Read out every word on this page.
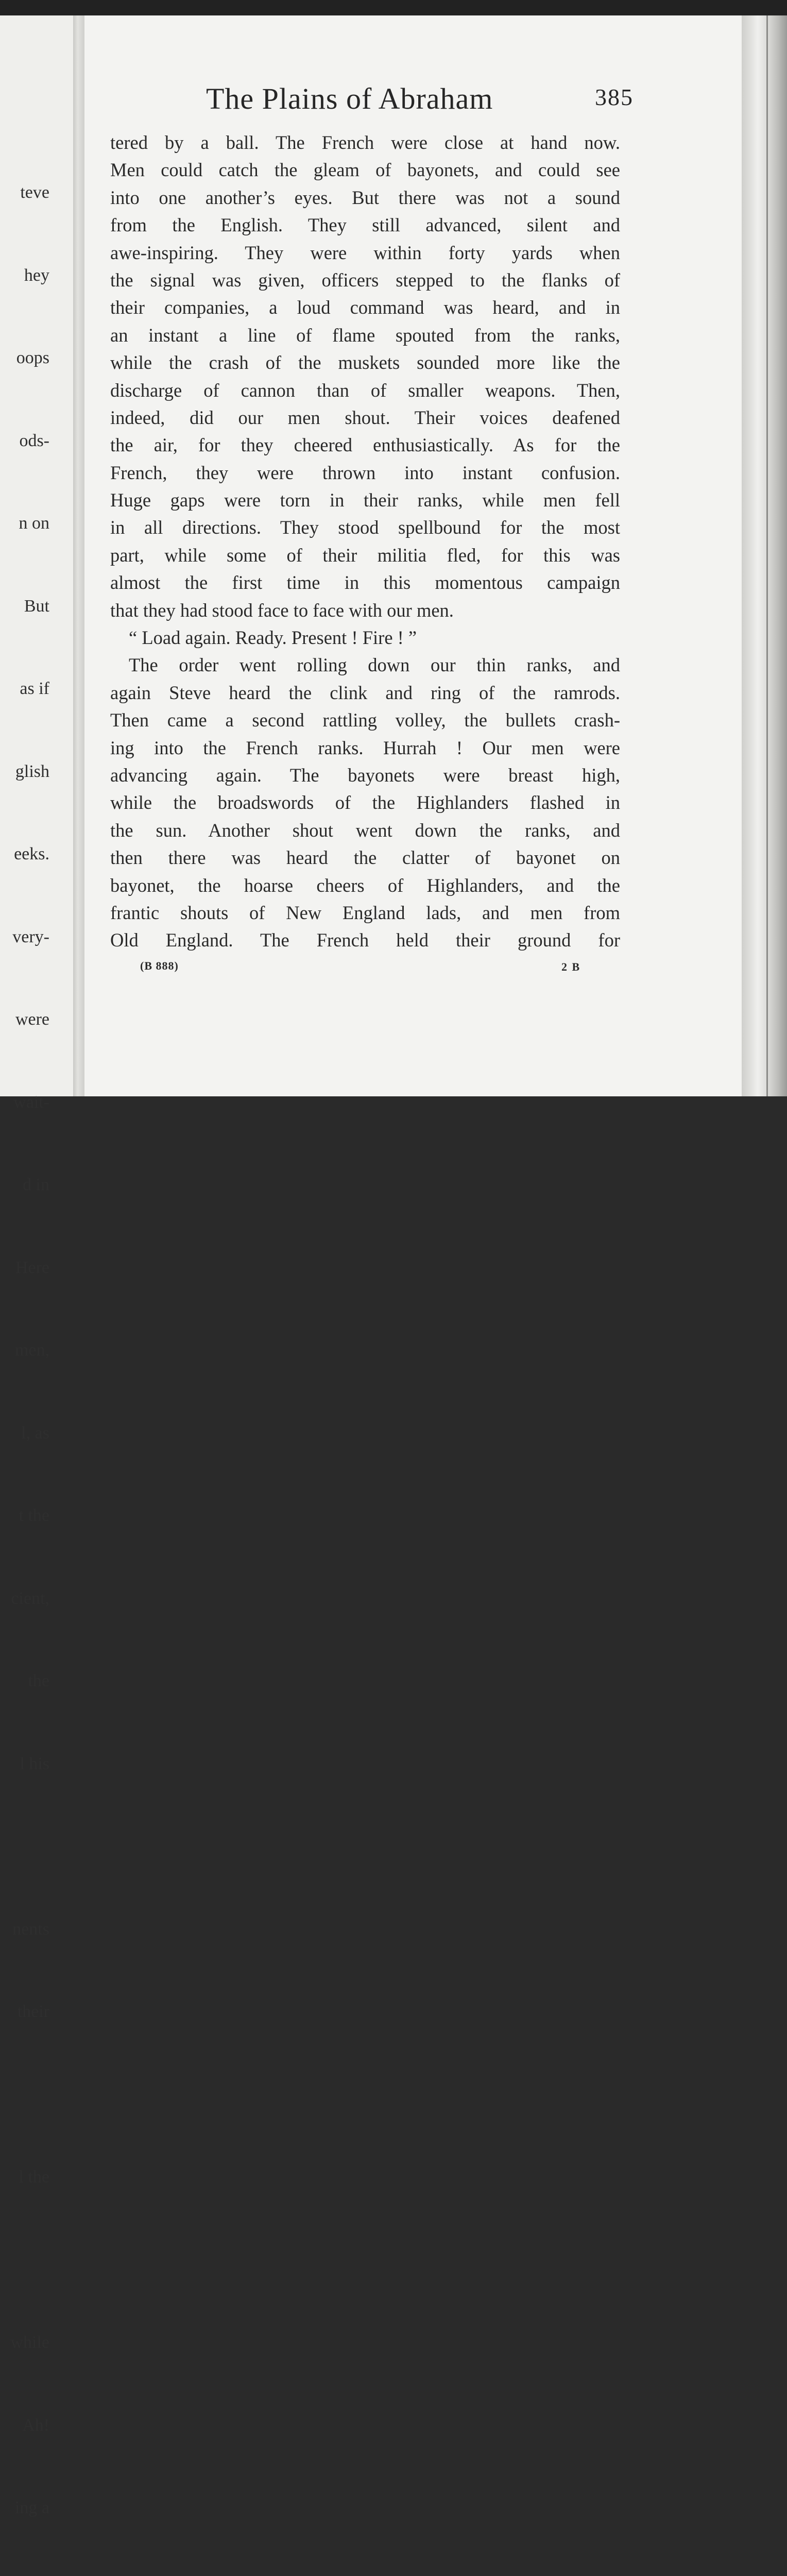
teve

hey

oops

ods-

n on

But

as if

glish

eeks.

very-

were

wait-

d in

Here

men,

l, as

t the

cient,

the

l his

nents

their

l the

while

Ah!

ing a

The Plains of Abraham	385
tered by a ball. The French were close at hand now.
Men could catch the gleam of bayonets, and could see
into one another’s eyes. But there was not a sound
from the English. They still advanced, silent and
awe-inspiring. They were within forty yards when
the signal was given, officers stepped to the flanks of
their companies, a loud command was heard, and in
an instant a line of flame spouted from the ranks,
while the crash of the muskets sounded more like the
discharge of cannon than of smaller weapons. Then,
indeed, did our men shout. Their voices deafened
the air, for they cheered enthusiastically. As for the
French, they were thrown into instant confusion.
Huge gaps were torn in their ranks, while men fell
in all directions. They stood spellbound for the most
part, while some of their militia fled, for this was
almost the first time in this momentous campaign
that they had stood face to face with our men.
“ Load again. Ready. Present ! Fire ! ”
The order went rolling down our thin ranks, and
again Steve heard the clink and ring of the ramrods.
Then came a second rattling volley, the bullets crash-
ing into the French ranks. Hurrah ! Our men were
advancing again. The bayonets were breast high,
while the broadswords of the Highlanders flashed in
the sun. Another shout went down the ranks, and
then there was heard the clatter of bayonet on
bayonet, the hoarse cheers of Highlanders, and the
frantic shouts of New England lads, and men from
Old England. The French held their ground for
(B 888)	2 B
